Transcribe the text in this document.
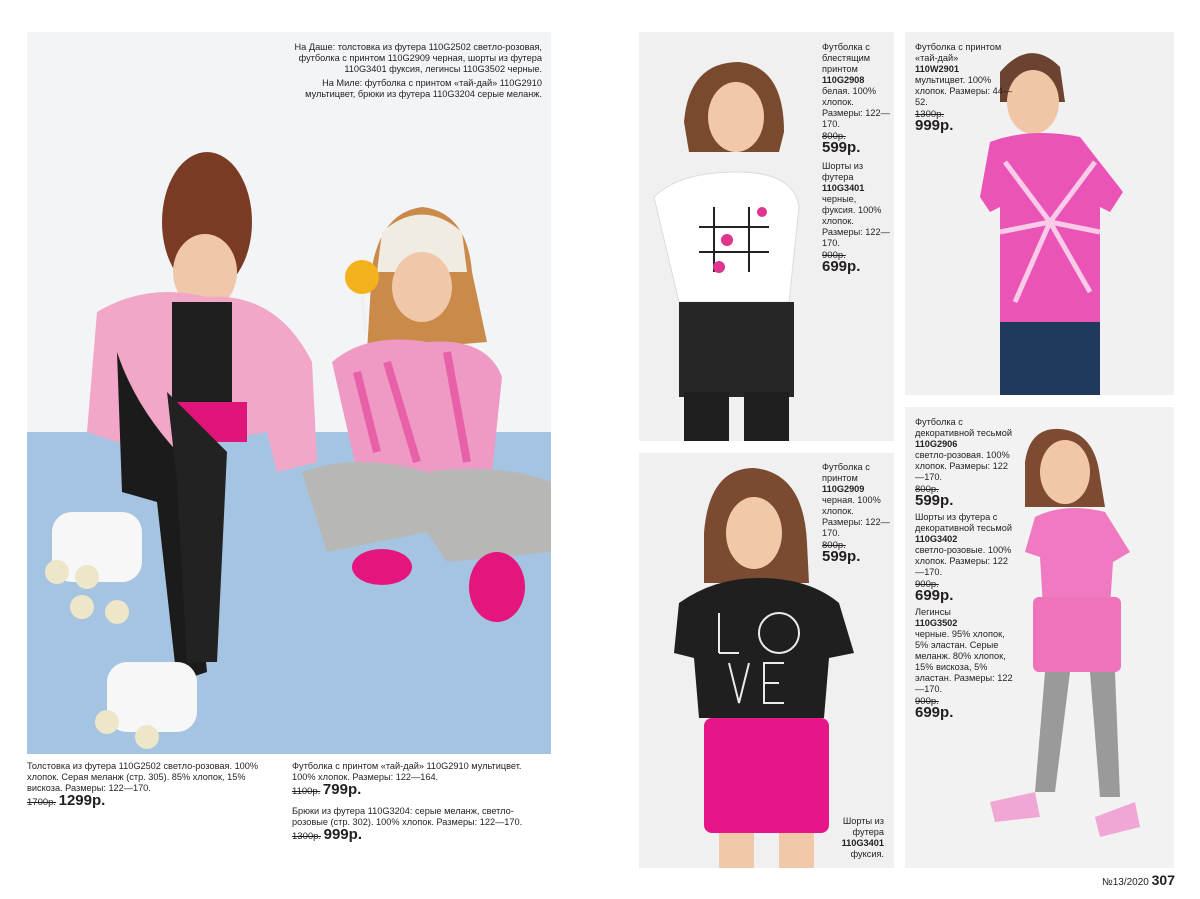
На Даше: толстовка из футера 110G2502 светло-розовая, футболка с принтом 110G2909 черная, шорты из футера 110G3401 фуксия, легинсы 110G3502 черные.
На Миле: футболка с принтом «тай-дай» 110G2910 мультицвет, брюки из футера 110G3204 серые меланж.
Толстовка из футера 110G2502 светло-розовая. 100% хлопок. Серая меланж (стр. 305). 85% хлопок, 15% вискоза. Размеры: 122—170.
1700р. 1299р.
Футболка с принтом «тай-дай» 110G2910 мультицвет. 100% хлопок. Размеры: 122—164.
1100р. 799р.
Брюки из футера 110G3204: серые меланж, светло-розовые (стр. 302). 100% хлопок. Размеры: 122—170.
1300р. 999р.
Футболка с блестящим принтом
110G2908
белая. 100% хлопок. Размеры: 122—170.
800р.
599р.
Шорты из футера
110G3401
черные, фуксия. 100% хлопок. Размеры: 122—170.
900р.
699р.
Футболка с принтом «тай-дай»
110W2901
мультицвет. 100% хлопок. Размеры: 44—52.
1300р.
999р.
Футболка с принтом
110G2909
черная. 100% хлопок. Размеры: 122—170.
800р.
599р.
Шорты из футера
110G3401
фуксия.
Футболка с декоративной тесьмой
110G2906
светло-розовая. 100% хлопок. Размеры: 122—170.
800р.
599р.
Шорты из футера с декоративной тесьмой
110G3402
светло-розовые. 100% хлопок. Размеры: 122—170.
900р.
699р.
Легинсы
110G3502
черные. 95% хлопок, 5% эластан. Серые меланж. 80% хлопок, 15% вискоза, 5% эластан. Размеры: 122—170.
900р.
699р.
№13/2020 307
